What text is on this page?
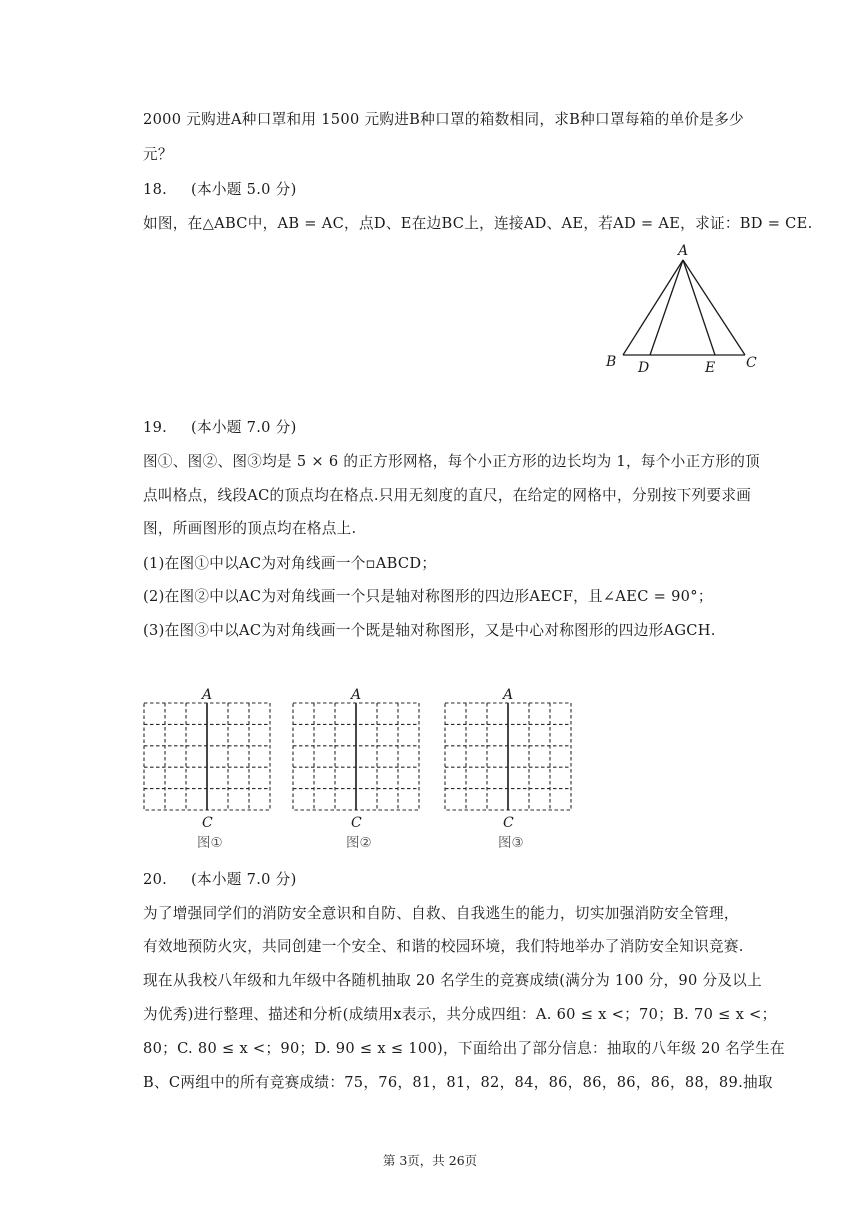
2000 元购进A种口罩和用 1500 元购进B种口罩的箱数相同，求B种口罩每箱的单价是多少
元？
18. (本小题 5.0 分)
如图，在△ABC中，AB = AC，点D、E在边BC上，连接AD、AE，若AD = AE，求证：BD = CE.
A
B D	E C
19. (本小题 7.0 分)
图①、图②、图③均是 5 × 6 的正方形网格，每个小正方形的边长均为 1，每个小正方形的顶
点叫格点，线段AC的顶点均在格点.只用无刻度的直尺，在给定的网格中，分别按下列要求画
图，所画图形的顶点均在格点上.
(1)在图①中以AC为对角线画一个▫ABCD；
(2)在图②中以AC为对角线画一个只是轴对称图形的四边形AECF，且∠AEC = 90°；
(3)在图③中以AC为对角线画一个既是轴对称图形，又是中心对称图形的四边形AGCH.
A
C
图①
A
C
图②
A
C
图③
20. (本小题 7.0 分)
为了增强同学们的消防安全意识和自防、自救、自我逃生的能力，切实加强消防安全管理，
有效地预防火灾，共同创建一个安全、和谐的校园环境，我们特地举办了消防安全知识竞赛.
现在从我校八年级和九年级中各随机抽取 20 名学生的竞赛成绩(满分为 100 分，90 分及以上
为优秀)进行整理、描述和分析(成绩用x表示，共分成四组：A. 60 ≤ x <；70；B. 70 ≤ x <；
80；C. 80 ≤ x <；90；D. 90 ≤ x ≤ 100)，下面给出了部分信息：抽取的八年级 20 名学生在
B、C两组中的所有竞赛成绩：75，76，81，81，82，84，86，86，86，86，88，89.抽取
第 3页，共 26页
